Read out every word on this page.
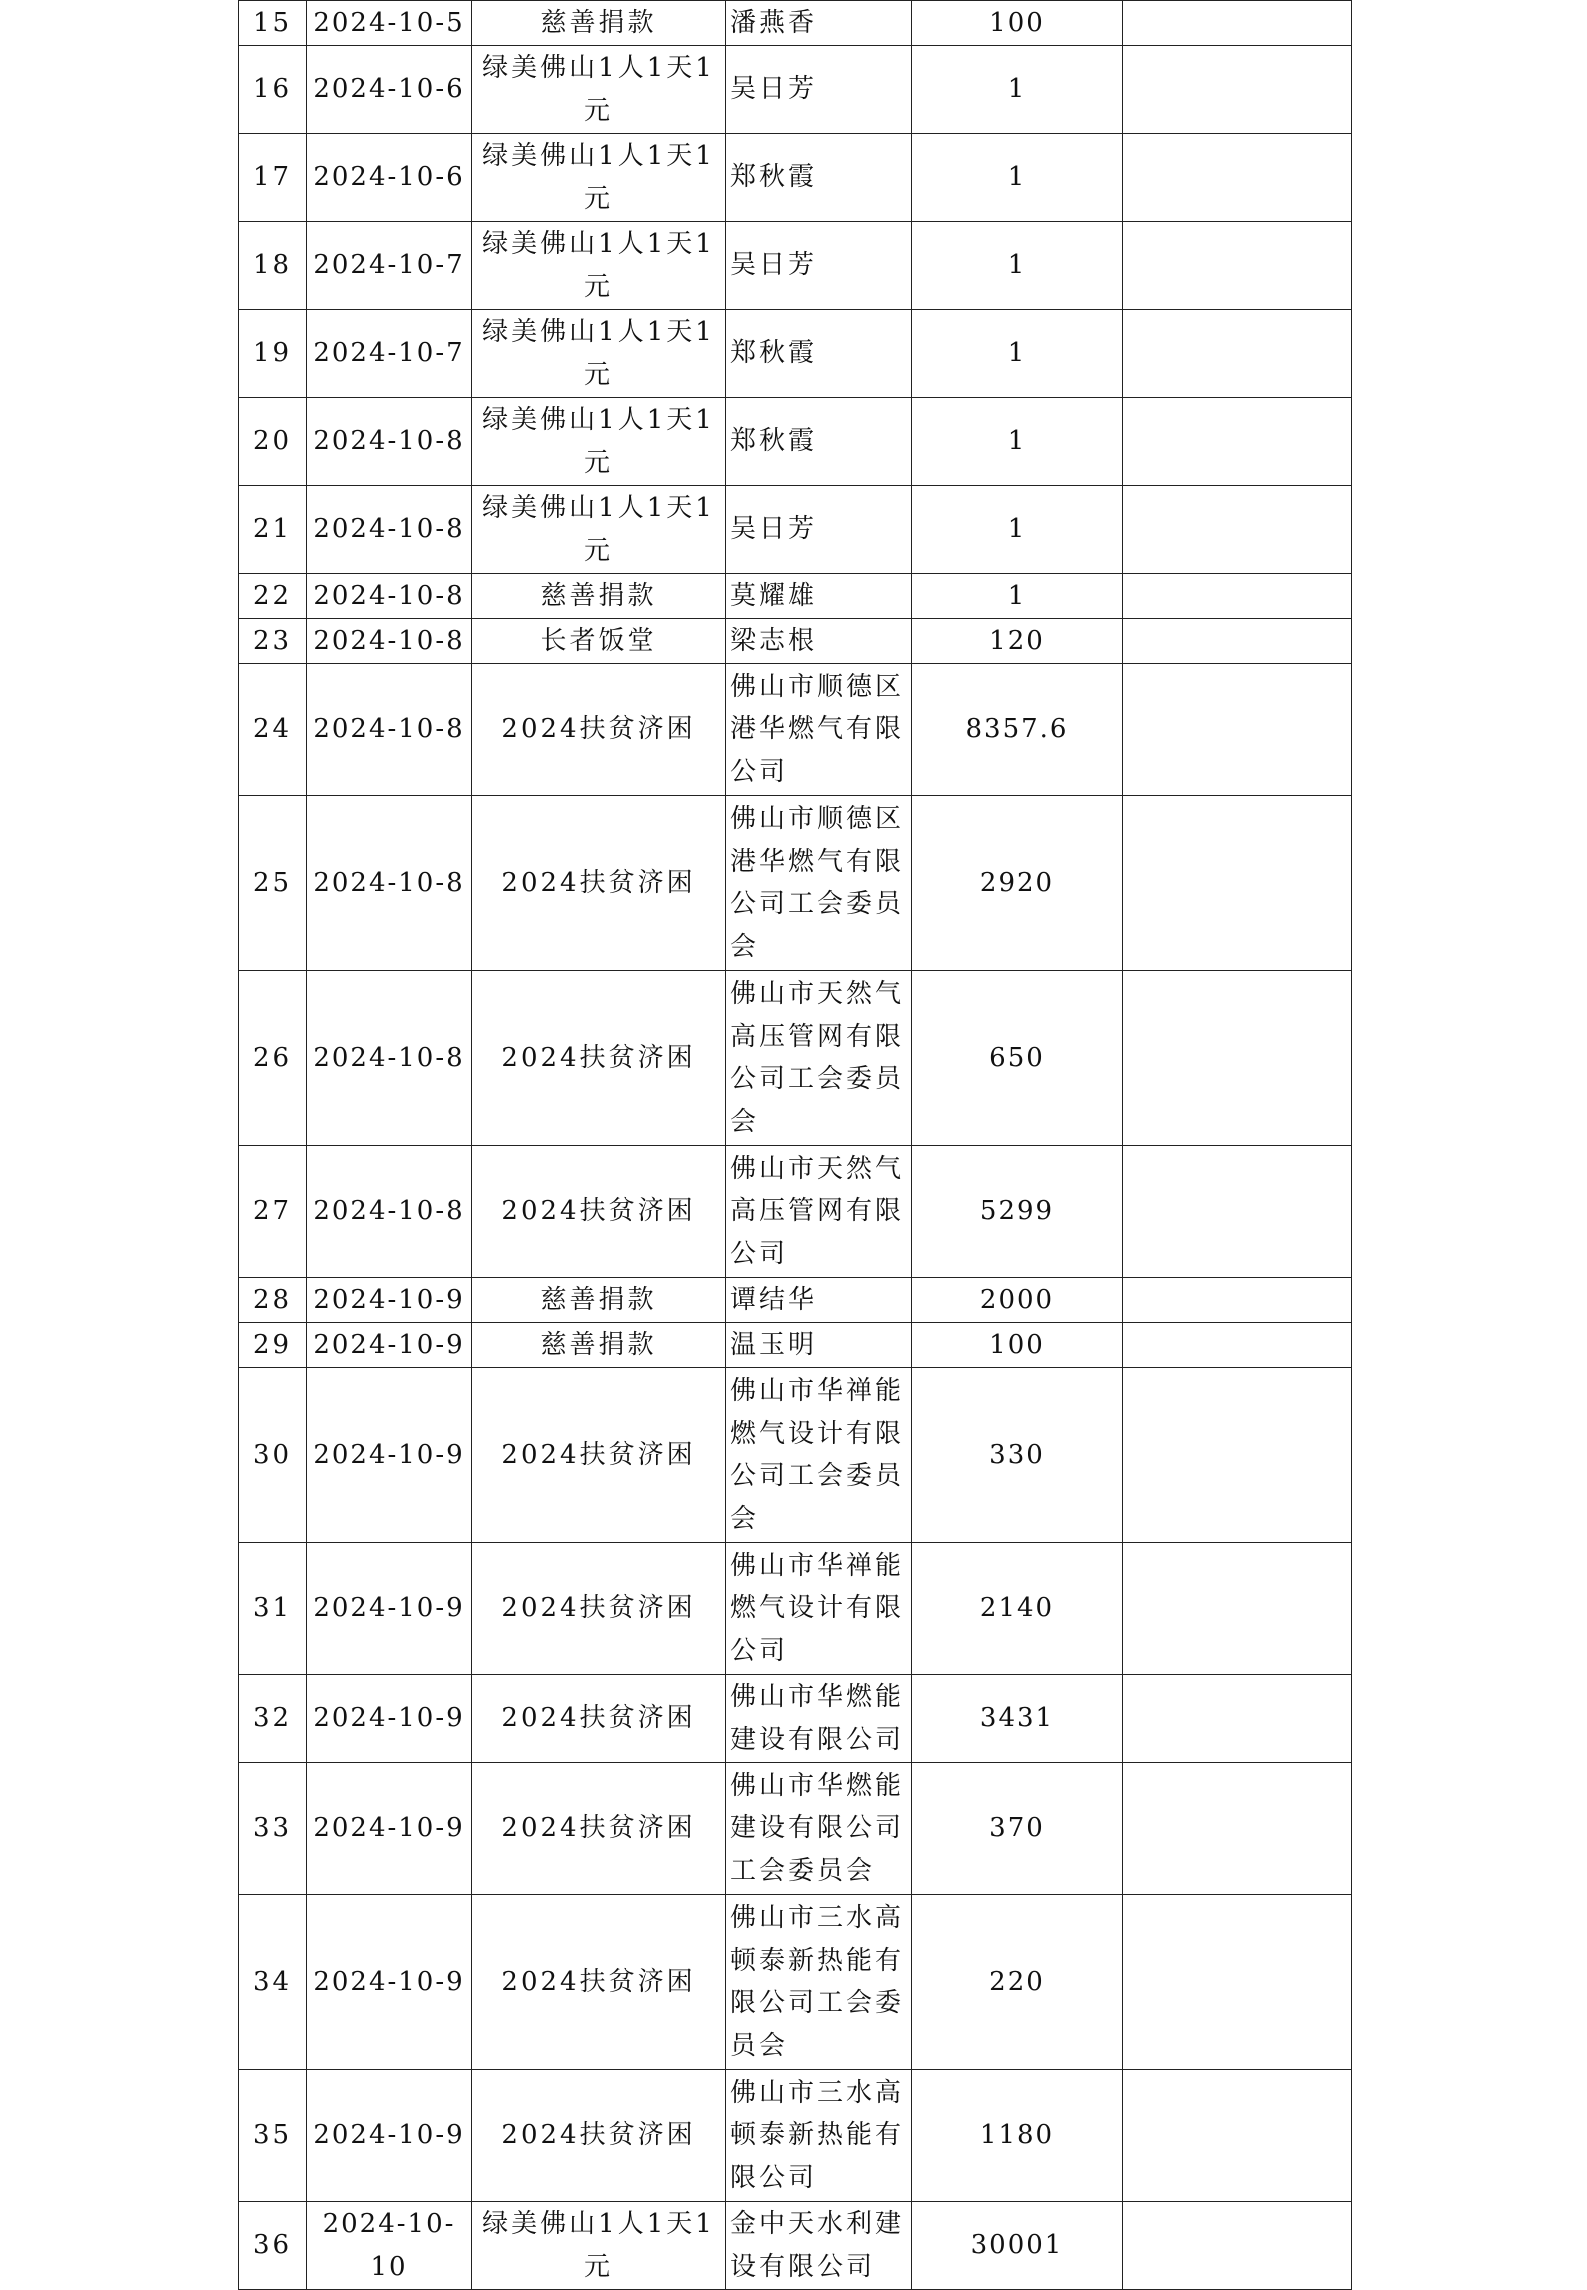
15	2024-10-5	慈善捐款	潘燕香	100	
16	2024-10-6	绿美佛山1人1天1元	吴日芳	1	
17	2024-10-6	绿美佛山1人1天1元	郑秋霞	1	
18	2024-10-7	绿美佛山1人1天1元	吴日芳	1	
19	2024-10-7	绿美佛山1人1天1元	郑秋霞	1	
20	2024-10-8	绿美佛山1人1天1元	郑秋霞	1	
21	2024-10-8	绿美佛山1人1天1元	吴日芳	1	
22	2024-10-8	慈善捐款	莫耀雄	1	
23	2024-10-8	长者饭堂	梁志根	120	
24	2024-10-8	2024扶贫济困	佛山市顺德区港华燃气有限公司	8357.6	
25	2024-10-8	2024扶贫济困	佛山市顺德区港华燃气有限公司工会委员会	2920	
26	2024-10-8	2024扶贫济困	佛山市天然气高压管网有限公司工会委员会	650	
27	2024-10-8	2024扶贫济困	佛山市天然气高压管网有限公司	5299	
28	2024-10-9	慈善捐款	谭结华	2000	
29	2024-10-9	慈善捐款	温玉明	100	
30	2024-10-9	2024扶贫济困	佛山市华禅能燃气设计有限公司工会委员会	330	
31	2024-10-9	2024扶贫济困	佛山市华禅能燃气设计有限公司	2140	
32	2024-10-9	2024扶贫济困	佛山市华燃能建设有限公司	3431	
33	2024-10-9	2024扶贫济困	佛山市华燃能建设有限公司工会委员会	370	
34	2024-10-9	2024扶贫济困	佛山市三水高顿泰新热能有限公司工会委员会	220	
35	2024-10-9	2024扶贫济困	佛山市三水高顿泰新热能有限公司	1180	
36	2024-10-10	绿美佛山1人1天1元	金中天水利建设有限公司	30001	
